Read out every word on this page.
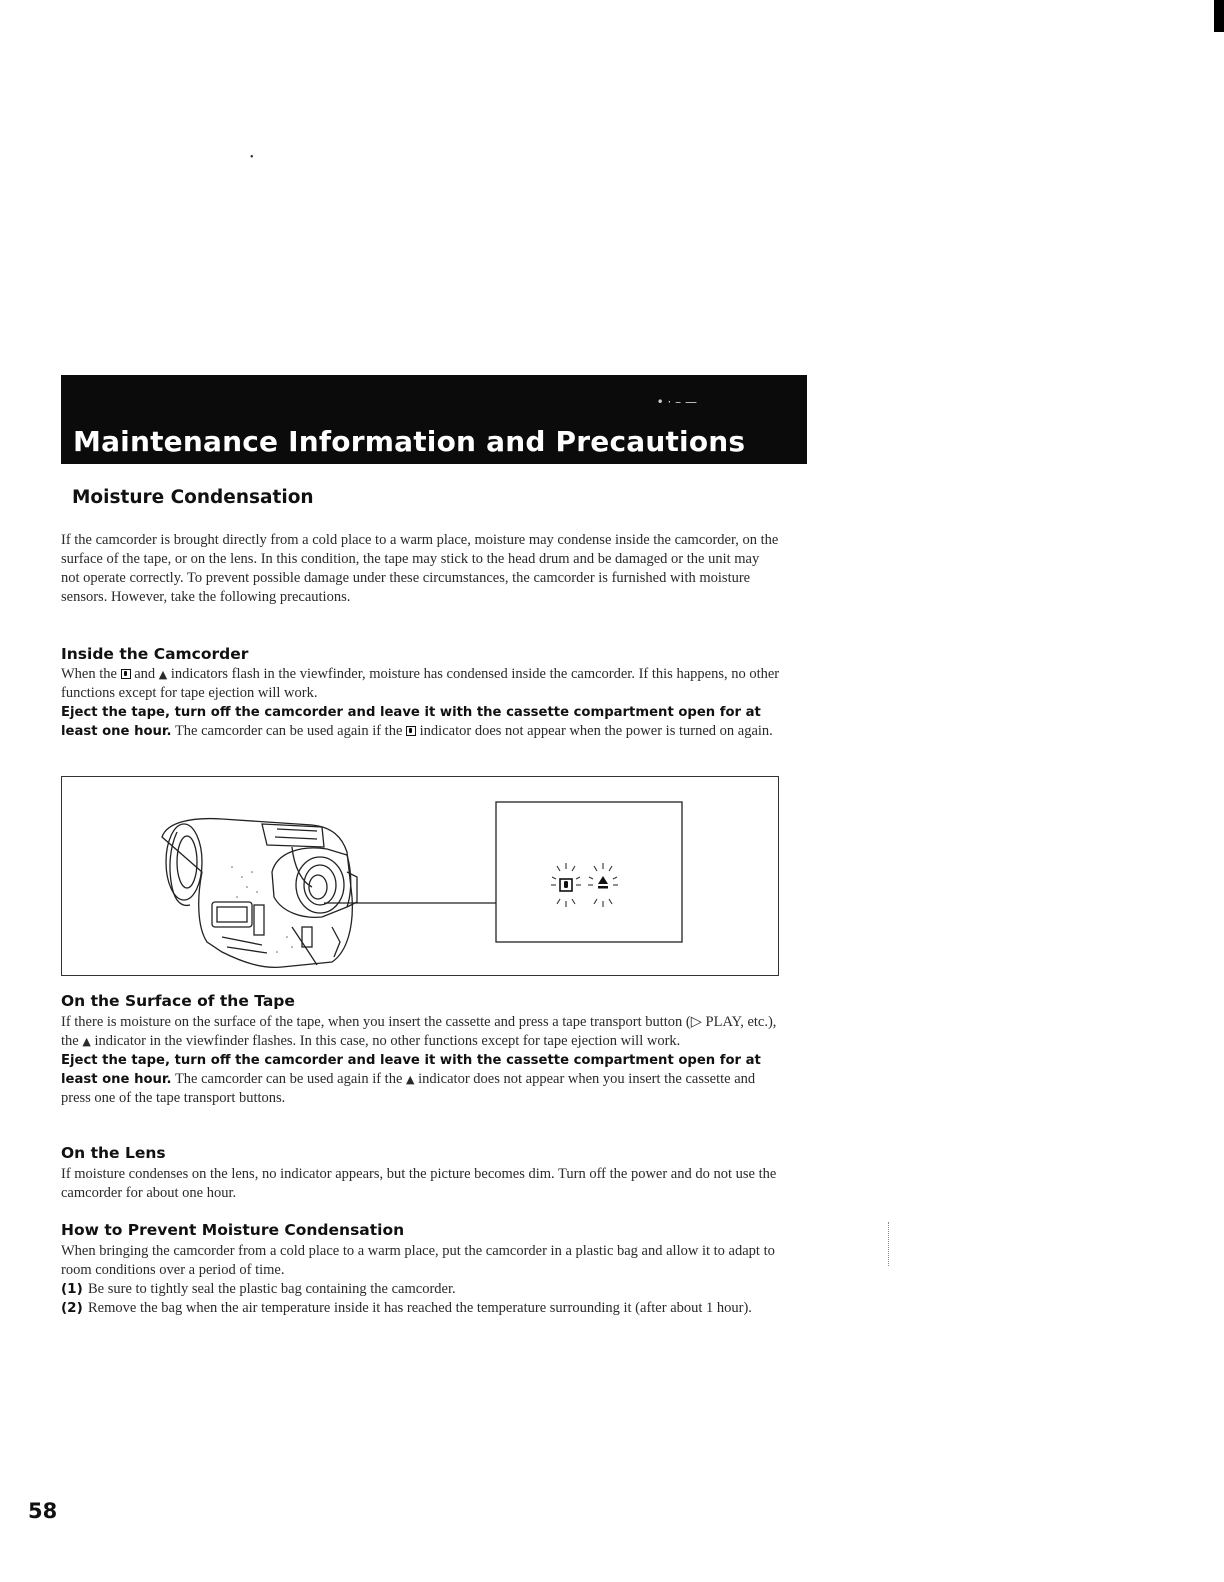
•
• · – —
Maintenance Information and Precautions
Moisture Condensation

If the camcorder is brought directly from a cold place to a warm place, moisture may condense inside the camcorder, on the surface of the tape, or on the lens. In this condition, the tape may stick to the head drum and be damaged or the unit may not operate correctly. To prevent possible damage under these circumstances, the camcorder is furnished with moisture sensors. However, take the following precautions.

Inside the Camcorder

When the and ▲ indicators flash in the viewfinder, moisture has condensed inside the camcorder. If this happens, no other functions except for tape ejection will work.
Eject the tape, turn off the camcorder and leave it with the cassette compartment open for at least one hour. The camcorder can be used again if the indicator does not appear when the power is turned on again.

On the Surface of the Tape

If there is moisture on the surface of the tape, when you insert the cassette and press a tape transport button (▷ PLAY, etc.), the ▲ indicator in the viewfinder flashes. In this case, no other functions except for tape ejection will work.
Eject the tape, turn off the camcorder and leave it with the cassette compartment open for at least one hour. The camcorder can be used again if the ▲ indicator does not appear when you insert the cassette and press one of the tape transport buttons.

On the Lens

If moisture condenses on the lens, no indicator appears, but the picture becomes dim. Turn off the power and do not use the camcorder for about one hour.

How to Prevent Moisture Condensation

When bringing the camcorder from a cold place to a warm place, put the camcorder in a plastic bag and allow it to adapt to room conditions over a period of time.

(1) Be sure to tightly seal the plastic bag containing the camcorder.
(2) Remove the bag when the air temperature inside it has reached the temperature surrounding it (after about 1 hour).

58
